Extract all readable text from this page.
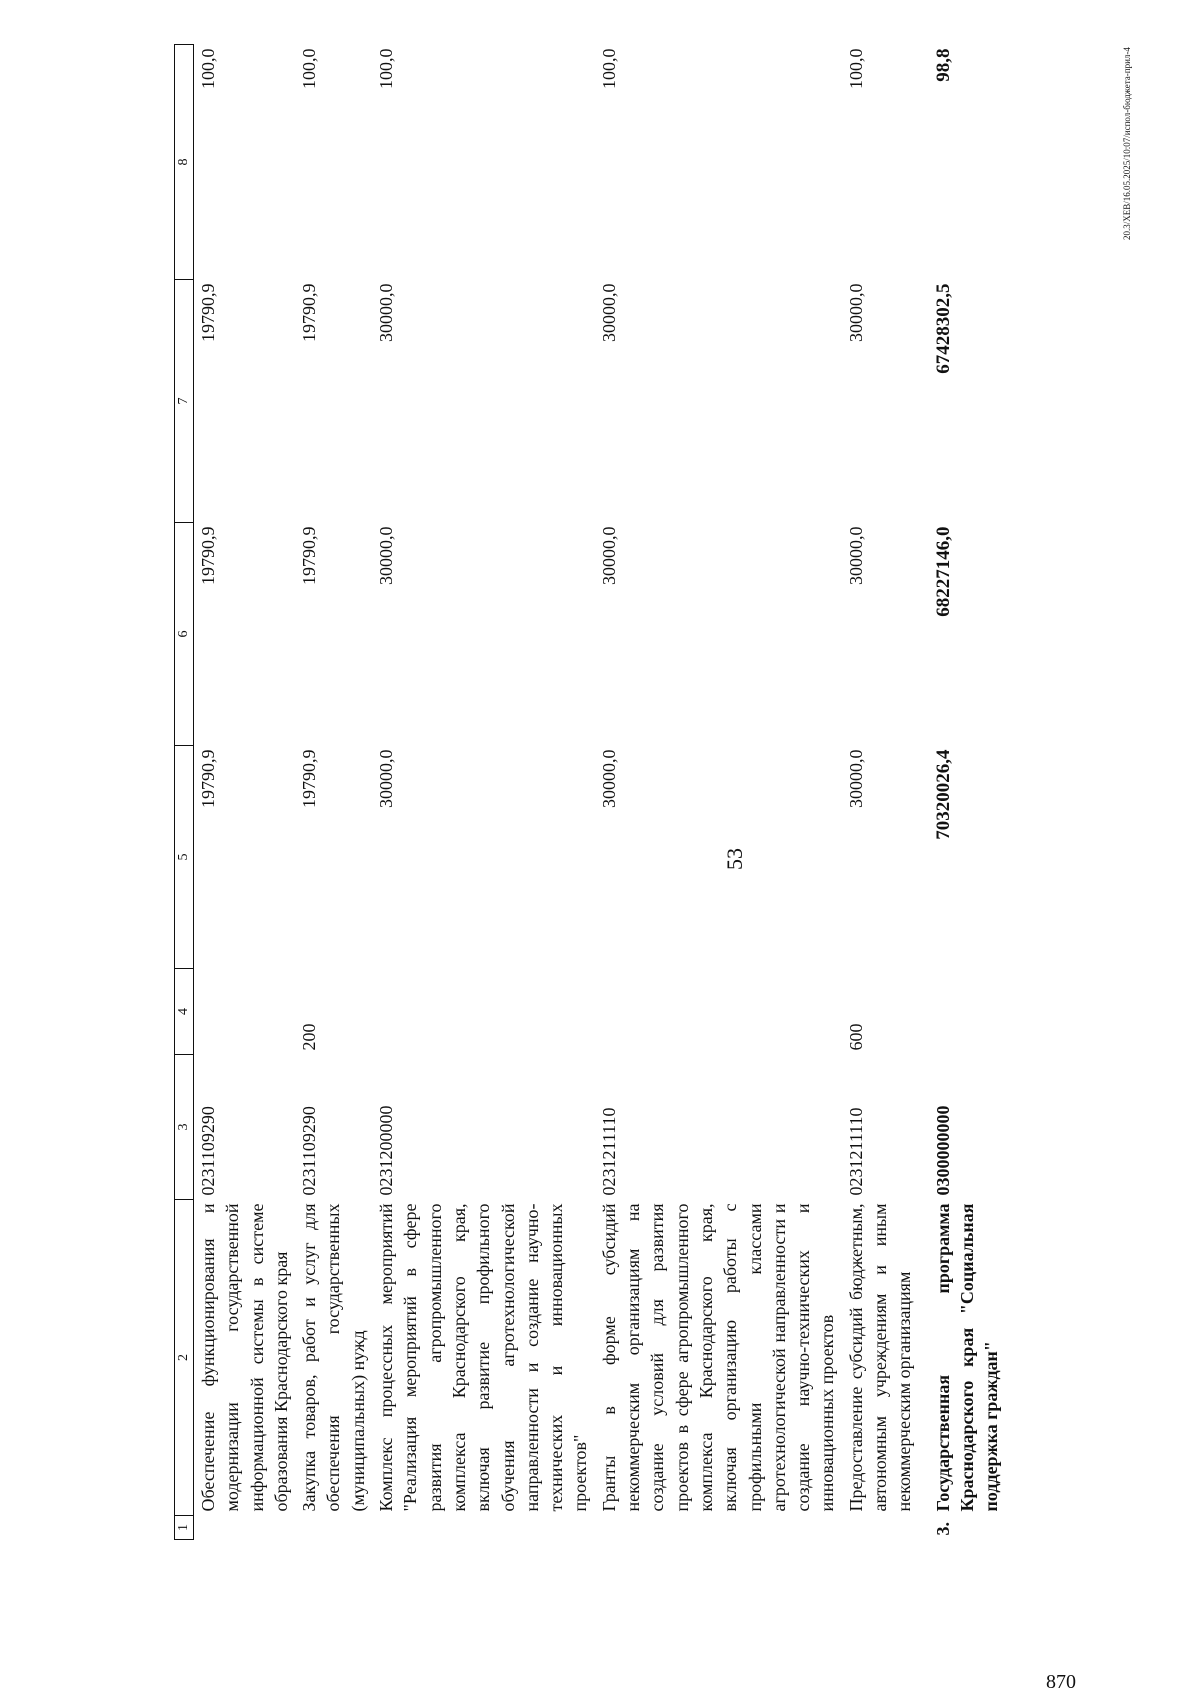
53
1	2	3	4	5	6	7	8
	Обеспечение функционирования и модернизации государственной информационной системы в системе образования Краснодарского края	0231109290		19790,9	19790,9	19790,9	100,0
	Закупка товаров, работ и услуг для обеспечения государственных (муниципальных) нужд	0231109290	200	19790,9	19790,9	19790,9	100,0
	Комплекс процессных мероприятий "Реализация мероприятий в сфере развития агропромышленного комплекса Краснодарского края, включая развитие профильного обучения агротехнологической направленности и создание научно-технических и инновационных проектов"	0231200000		30000,0	30000,0	30000,0	100,0
	Гранты в форме субсидий некоммерческим организациям на создание условий для развития проектов в сфере агропромышленного комплекса Краснодарского края, включая организацию работы с профильными классами агротехнологической направленности и создание научно-технических и инновационных проектов	0231211110		30000,0	30000,0	30000,0	100,0
	Предоставление субсидий бюджетным, автономным учреждениям и иным некоммерческим организациям	0231211110	600	30000,0	30000,0	30000,0	100,0
3.	Государственная программа Краснодарского края "Социальная поддержка граждан"	0300000000		70320026,4	68227146,0	67428302,5	98,8	20.3/XEB/16.05.2025/10:07/испол-бюджета-прил-4
870
